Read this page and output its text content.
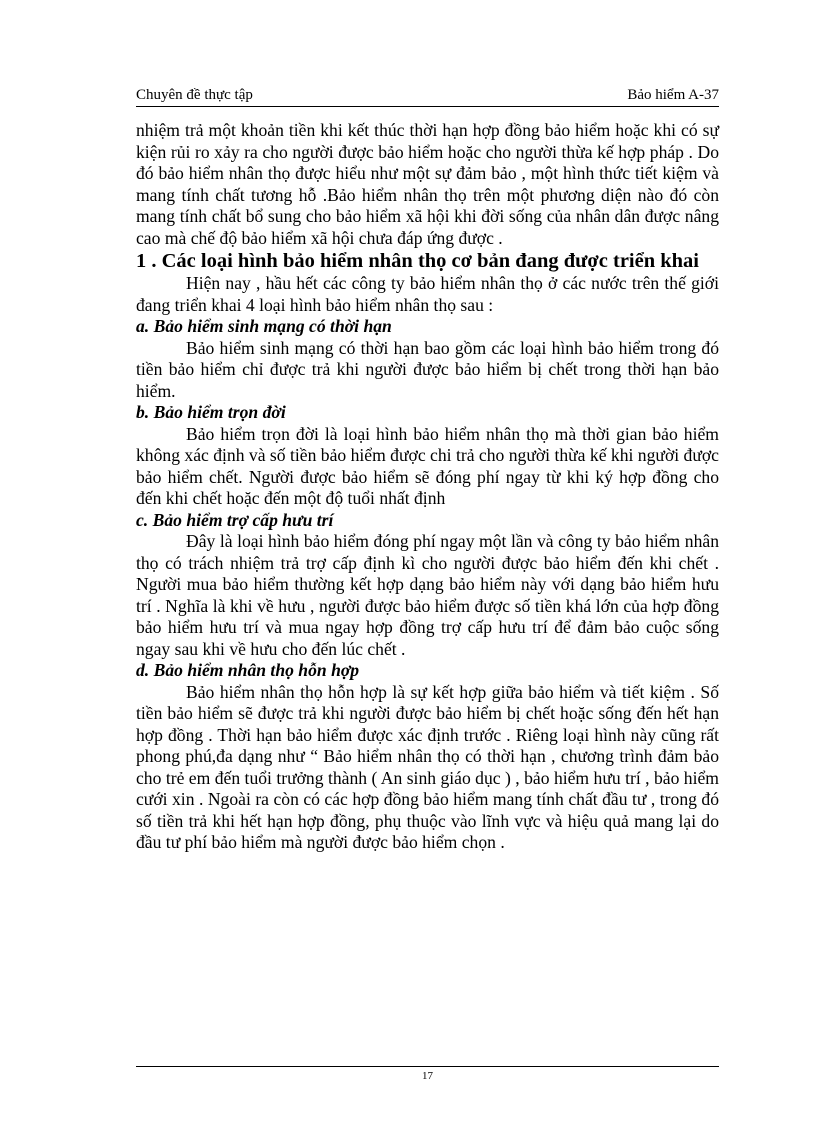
Chuyên đề thực tập	Bảo hiểm A-37

nhiệm trả một khoản tiền khi kết thúc thời hạn hợp đồng bảo hiểm hoặc khi có sự kiện rủi ro xảy ra cho người được bảo hiểm hoặc cho người thừa kế hợp pháp . Do đó bảo hiểm nhân thọ được hiểu như một sự đảm bảo , một hình thức tiết kiệm và mang tính chất tương hỗ .Bảo hiểm nhân thọ trên một phương diện nào đó còn mang tính chất bổ sung cho bảo hiểm xã hội khi đời sống của nhân dân được nâng cao mà chế độ bảo hiểm xã hội chưa đáp ứng được .

1 . Các loại hình bảo hiểm nhân thọ cơ bản đang được triển khai

Hiện nay , hầu hết các công ty bảo hiểm nhân thọ ở các nước trên thế giới đang triển khai 4 loại hình bảo hiểm nhân thọ sau :

a. Bảo hiểm sinh mạng có thời hạn

Bảo hiểm sinh mạng có thời hạn bao gồm các loại hình bảo hiểm trong đó tiền bảo hiểm chỉ được trả khi người được bảo hiểm bị chết trong thời hạn bảo hiểm.

b. Bảo hiểm trọn đời

Bảo hiểm trọn đời là loại hình bảo hiểm nhân thọ mà thời gian bảo hiểm không xác định và số tiền bảo hiểm được chi trả cho người thừa kế khi người được bảo hiểm chết. Người được bảo hiểm sẽ đóng phí ngay từ khi ký hợp đồng cho đến khi chết hoặc đến một độ tuổi nhất định

c. Bảo hiểm trợ cấp hưu trí

Đây là loại hình bảo hiểm đóng phí ngay một lần và công ty bảo hiểm nhân thọ có trách nhiệm trả trợ cấp định kì cho người được bảo hiểm đến khi chết . Người mua bảo hiểm thường kết hợp dạng bảo hiểm này với dạng bảo hiểm hưu trí . Nghĩa là khi về hưu , người được bảo hiểm được số tiền khá lớn của hợp đồng bảo hiểm hưu trí và mua ngay hợp đồng trợ cấp hưu trí để đảm bảo cuộc sống ngay sau khi về hưu cho đến lúc chết .

d. Bảo hiểm nhân thọ hỗn hợp

Bảo hiểm nhân thọ hỗn hợp là sự kết hợp giữa bảo hiểm và tiết kiệm . Số tiền bảo hiểm sẽ được trả khi người được bảo hiểm bị chết hoặc sống đến hết hạn hợp đồng . Thời hạn bảo hiểm được xác định trước . Riêng loại hình này cũng rất phong phú,đa dạng như “ Bảo hiểm nhân thọ có thời hạn , chương trình đảm bảo cho trẻ em đến tuổi trưởng thành ( An sinh giáo dục ) , bảo hiểm hưu trí , bảo hiểm cưới xin . Ngoài ra còn có các hợp đồng bảo hiểm mang tính chất đầu tư , trong đó số tiền trả khi hết hạn hợp đồng, phụ thuộc vào lĩnh vực và hiệu quả mang lại do đầu tư phí bảo hiểm mà người được bảo hiểm chọn .

17
